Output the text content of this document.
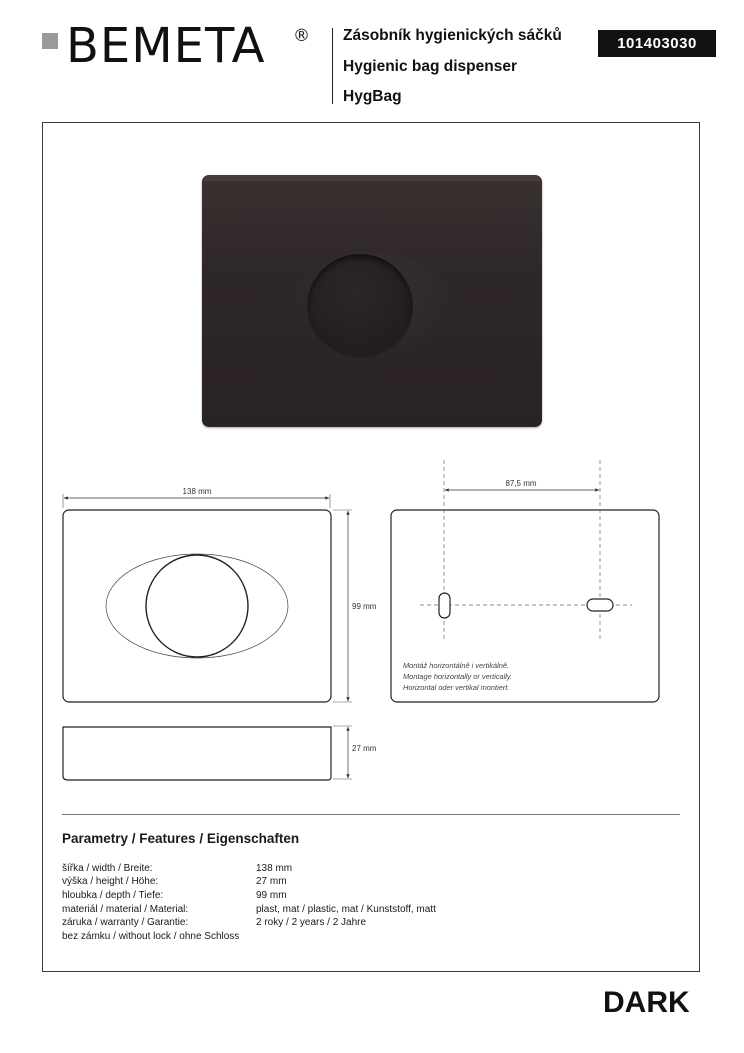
BEMETA ® Zásobník hygienických sáčků
Hygienic bag dispenser
HygBag
101403030
138 mm
99 mm
27 mm
87,5 mm
Montáž horizontálně i vertikálně.
Montage horizontally or vertically.
Horizontal oder vertikal montiert.
Parametry / Features / Eigenschaften
šířka / width / Breite:	138 mm
výška / height / Höhe:	27 mm
hloubka / depth / Tiefe:	99 mm
materiál / material / Material:	plast, mat / plastic, mat / Kunststoff, matt
záruka / warranty / Garantie:	2 roky / 2 years / 2 Jahre
bez zámku / without lock / ohne Schloss
DARK
